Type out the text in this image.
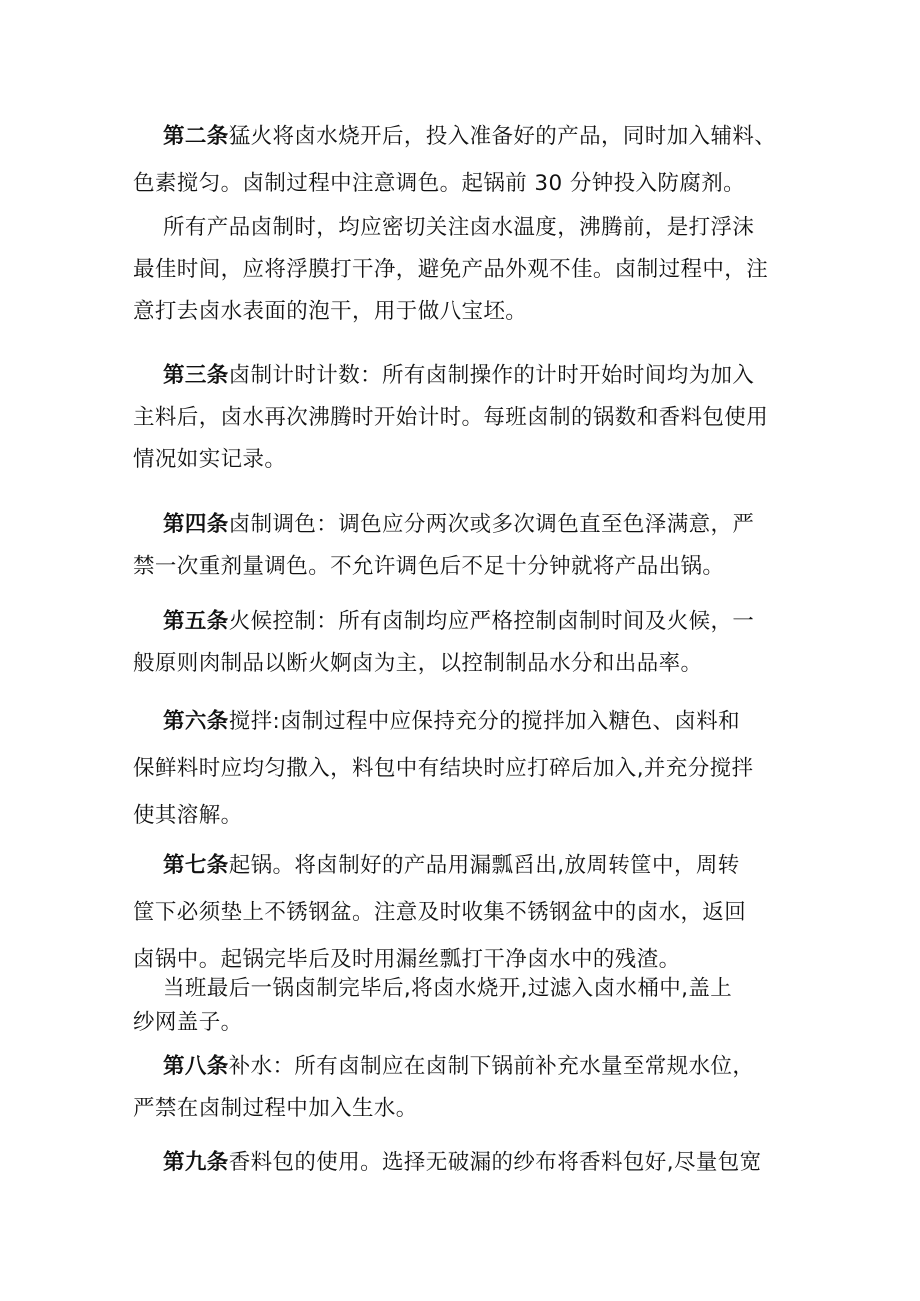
第二条猛火将卤水烧开后，投入准备好的产品，同时加入辅料、
色素搅匀。卤制过程中注意调色。起锅前 30 分钟投入防腐剂。

所有产品卤制时，均应密切关注卤水温度，沸腾前，是打浮沫
最佳时间，应将浮膜打干净，避免产品外观不佳。卤制过程中，注
意打去卤水表面的泡干，用于做八宝坯。

第三条卤制计时计数：所有卤制操作的计时开始时间均为加入
主料后，卤水再次沸腾时开始计时。每班卤制的锅数和香料包使用
情况如实记录。

第四条卤制调色：调色应分两次或多次调色直至色泽满意，严
禁一次重剂量调色。不允许调色后不足十分钟就将产品出锅。

第五条火候控制：所有卤制均应严格控制卤制时间及火候，一
般原则肉制品以断火婀卤为主，以控制制品水分和出品率。

第六条搅拌:卤制过程中应保持充分的搅拌加入糖色、卤料和
保鲜料时应均匀撒入，料包中有结块时应打碎后加入,并充分搅拌
使其溶解。

第七条起锅。将卤制好的产品用漏瓢舀出,放周转筐中，周转
筐下必须垫上不锈钢盆。注意及时收集不锈钢盆中的卤水，返回
卤锅中。起锅完毕后及时用漏丝瓢打干净卤水中的残渣。

当班最后一锅卤制完毕后,将卤水烧开,过滤入卤水桶中,盖上
纱网盖子。

第八条补水：所有卤制应在卤制下锅前补充水量至常规水位，
严禁在卤制过程中加入生水。

第九条香料包的使用。选择无破漏的纱布将香料包好,尽量包宽
